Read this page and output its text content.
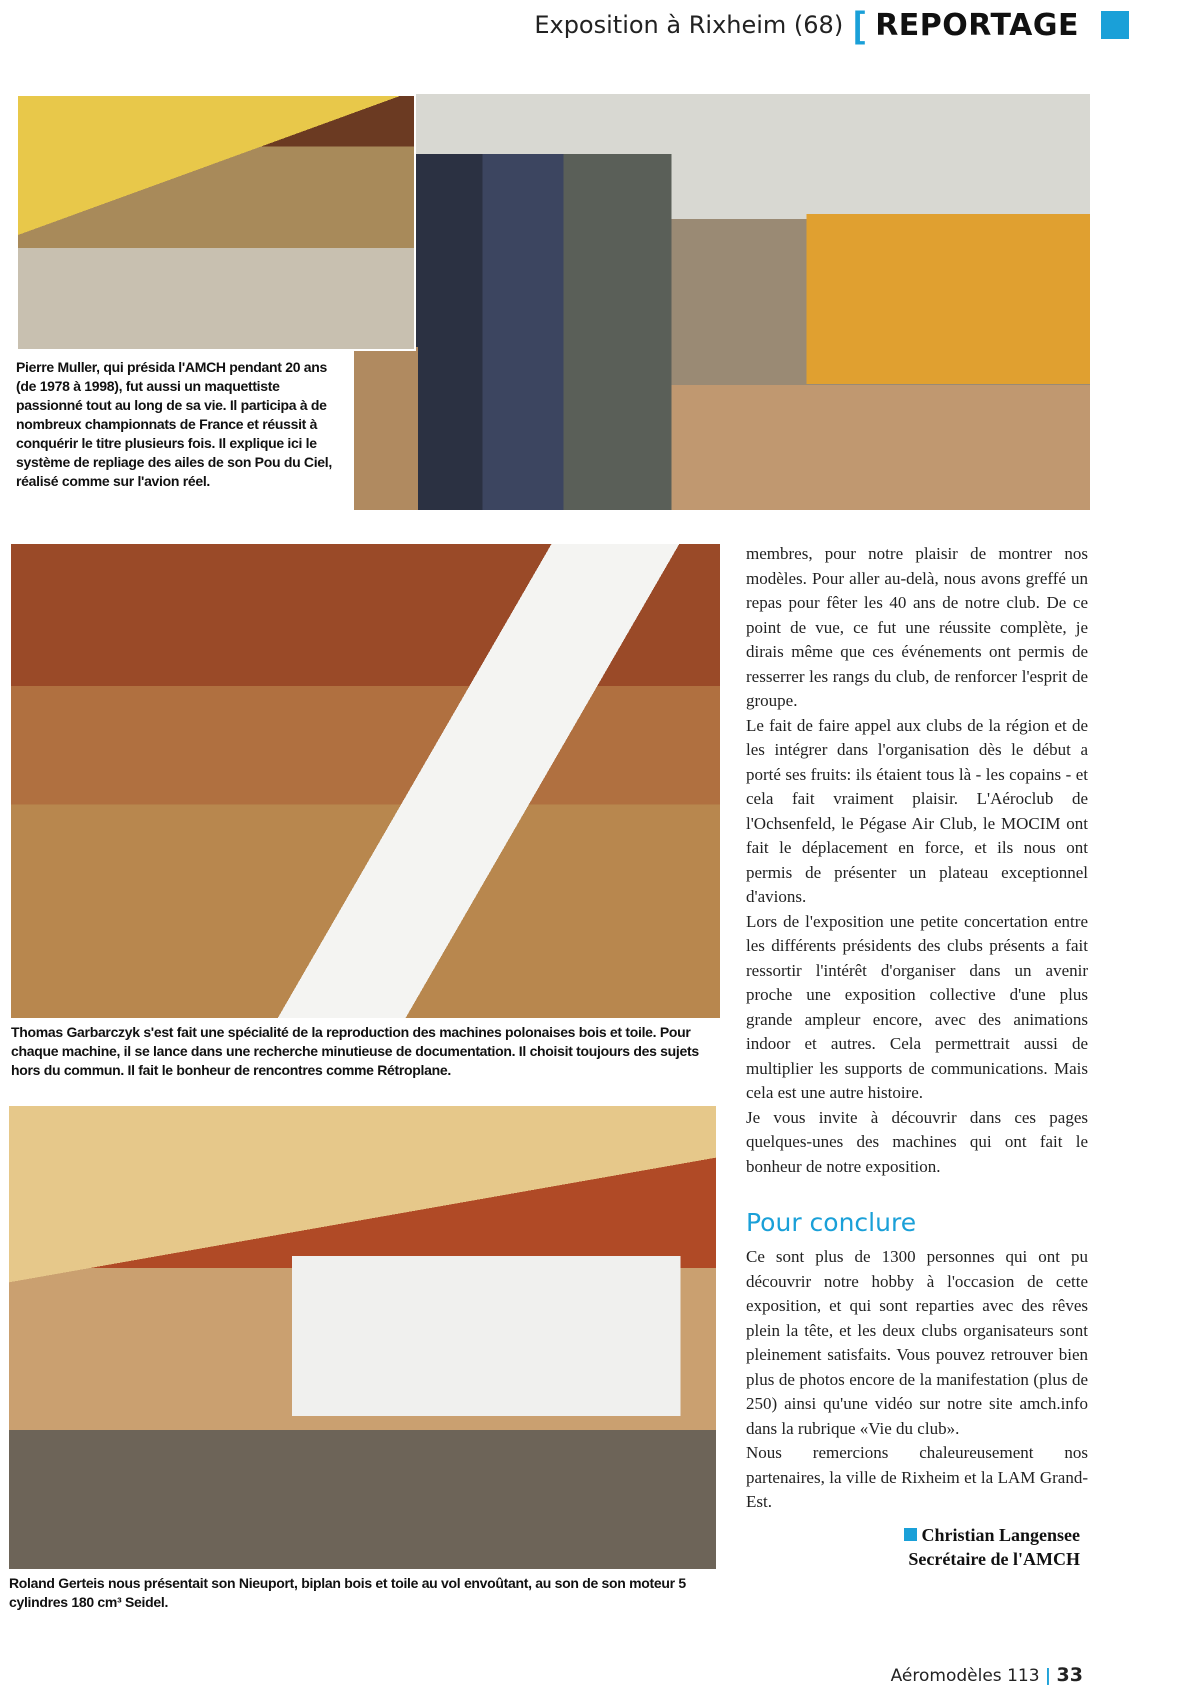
Exposition à Rixheim (68) [ REPORTAGE
Pierre Muller, qui présida l'AMCH pendant 20 ans (de 1978 à 1998), fut aussi un maquettiste passionné tout au long de sa vie. Il participa à de nombreux championnats de France et réussit à conquérir le titre plusieurs fois. Il explique ici le système de repliage des ailes de son Pou du Ciel, réalisé comme sur l'avion réel.
Thomas Garbarczyk s'est fait une spécialité de la reproduction des machines polonaises bois et toile. Pour chaque machine, il se lance dans une recherche minutieuse de documentation. Il choisit toujours des sujets hors du commun. Il fait le bonheur de rencontres comme Rétroplane.
Roland Gerteis nous présentait son Nieuport, biplan bois et toile au vol envoûtant, au son de son moteur 5 cylindres 180 cm³ Seidel.

membres, pour notre plaisir de montrer nos modèles. Pour aller au-delà, nous avons greffé un repas pour fêter les 40 ans de notre club. De ce point de vue, ce fut une réussite complète, je dirais même que ces événements ont permis de resserrer les rangs du club, de renforcer l'esprit de groupe.

Le fait de faire appel aux clubs de la région et de les intégrer dans l'organisation dès le début a porté ses fruits: ils étaient tous là - les copains - et cela fait vraiment plaisir. L'Aéroclub de l'Ochsenfeld, le Pégase Air Club, le MOCIM ont fait le déplacement en force, et ils nous ont permis de présenter un plateau exceptionnel d'avions.

Lors de l'exposition une petite concertation entre les différents présidents des clubs présents a fait ressortir l'intérêt d'organiser dans un avenir proche une exposition collective d'une plus grande ampleur encore, avec des animations indoor et autres. Cela permettrait aussi de multiplier les supports de communications. Mais cela est une autre histoire.

Je vous invite à découvrir dans ces pages quelques-unes des machines qui ont fait le bonheur de notre exposition.

Pour conclure

Ce sont plus de 1300 personnes qui ont pu découvrir notre hobby à l'occasion de cette exposition, et qui sont reparties avec des rêves plein la tête, et les deux clubs organisateurs sont pleinement satisfaits. Vous pouvez retrouver bien plus de photos encore de la manifestation (plus de 250) ainsi qu'une vidéo sur notre site amch.info dans la rubrique «Vie du club».

Nous remercions chaleureusement nos partenaires, la ville de Rixheim et la LAM Grand-Est.

Christian Langensee
Secrétaire de l'AMCH
Aéromodèles 113 | 33
